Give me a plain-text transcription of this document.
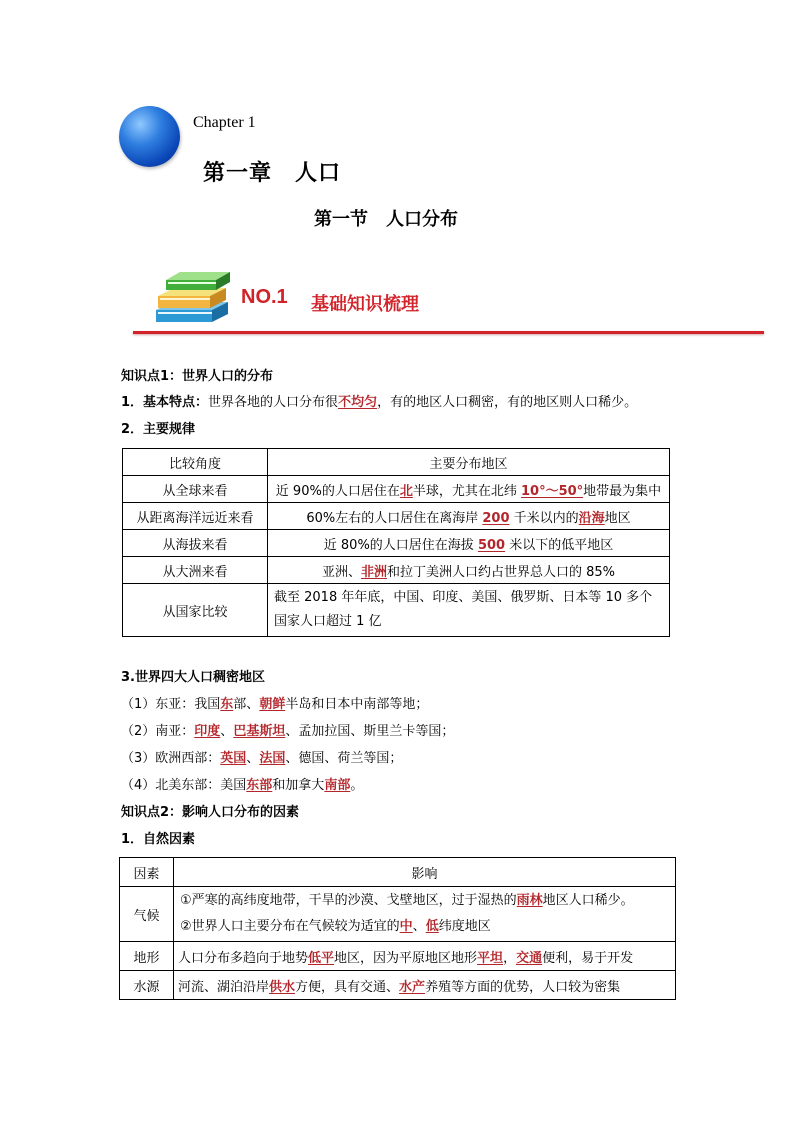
Chapter 1
第一章　人口
第一节　人口分布
NO.1 基础知识梳理
知识点1：世界人口的分布
1．基本特点：世界各地的人口分布很不均匀，有的地区人口稠密，有的地区则人口稀少。
2．主要规律
比较角度	主要分布地区
从全球来看	近 90%的人口居住在北半球，尤其在北纬 10°～50°地带最为集中
从距离海洋远近来看	60%左右的人口居住在离海岸 200 千米以内的沿海地区
从海拔来看	近 80%的人口居住在海拔 500 米以下的低平地区
从大洲来看	亚洲、非洲和拉丁美洲人口约占世界总人口的 85%
从国家比较	截至 2018 年年底，中国、印度、美国、俄罗斯、日本等 10 多个
国家人口超过 1 亿
3.世界四大人口稠密地区
（1）东亚：我国东部、朝鲜半岛和日本中南部等地；
（2）南亚：印度、巴基斯坦、孟加拉国、斯里兰卡等国；
（3）欧洲西部：英国、法国、德国、荷兰等国；
（4）北美东部：美国东部和加拿大南部。
知识点2：影响人口分布的因素
1．自然因素
因素	影响
气候	①严寒的高纬度地带，干旱的沙漠、戈壁地区，过于湿热的雨林地区人口稀少。
②世界人口主要分布在气候较为适宜的中、低纬度地区

地形	人口分布多趋向于地势低平地区，因为平原地区地形平坦，交通便利，易于开发
水源	河流、湖泊沿岸供水方便，具有交通、水产养殖等方面的优势，人口较为密集
